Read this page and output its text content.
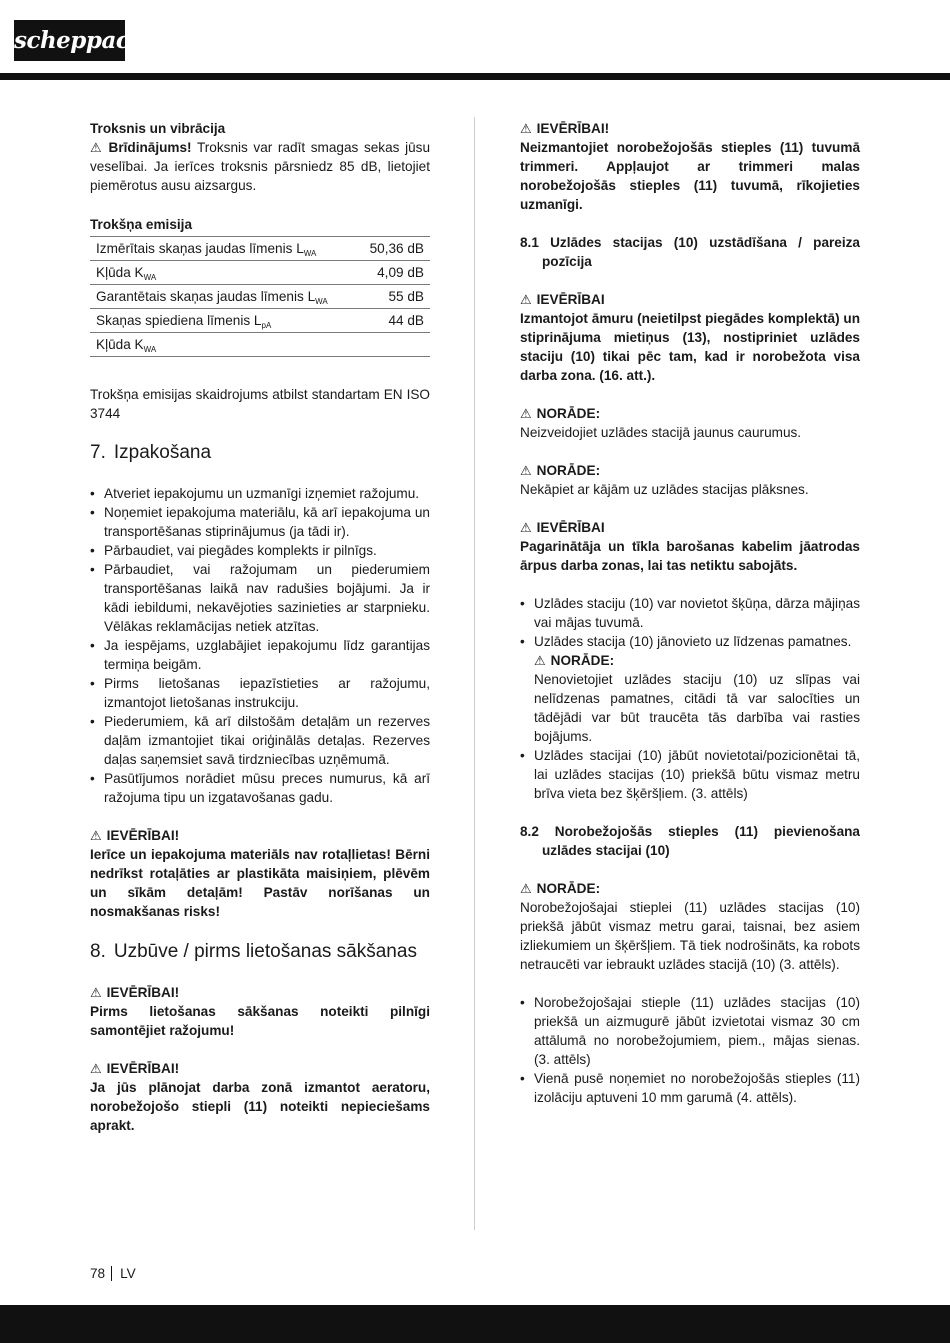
scheppach

Troksnis un vibrācija

⚠ Brīdinājums! Troksnis var radīt smagas sekas jūsu veselībai. Ja ierīces troksnis pārsniedz 85 dB, lietojiet piemērotus ausu aizsargus.

Trokšņa emisija

Izmērītais skaņas jaudas līmenis $L_{WA}$	50,36 dB
Kļūda $K_{WA}$	4,09 dB
Garantētais skaņas jaudas līmenis $L_{WA}$	55 dB
Skaņas spiediena līmenis $L_{pA}$	44 dB
Kļūda $K_{WA}$	

Trokšņa emisijas skaidrojums atbilst standartam EN ISO 3744

7. Izpakošana
• Atveriet iepakojumu un uzmanīgi izņemiet ražojumu.
• Noņemiet iepakojuma materiālu, kā arī iepakojuma un transportēšanas stiprinājumus (ja tādi ir).
• Pārbaudiet, vai piegādes komplekts ir pilnīgs.
• Pārbaudiet, vai ražojumam un piederumiem transportēšanas laikā nav radušies bojājumi. Ja ir kādi iebildumi, nekavējoties sazinieties ar starpnieku. Vēlākas reklamācijas netiek atzītas.
• Ja iespējams, uzglabājiet iepakojumu līdz garantijas termiņa beigām.
• Pirms lietošanas iepazīstieties ar ražojumu, izmantojot lietošanas instrukciju.
• Piederumiem, kā arī dilstošām detaļām un rezerves daļām izmantojiet tikai oriģinālās detaļas. Rezerves daļas saņemsiet savā tirdzniecības uzņēmumā.
• Pasūtījumos norādiet mūsu preces numurus, kā arī ražojuma tipu un izgatavošanas gadu.

⚠ IEVĒRĪBAI!

Ierīce un iepakojuma materiāls nav rotaļlietas! Bērni nedrīkst rotaļāties ar plastikāta maisiņiem, plēvēm un sīkām detaļām! Pastāv norīšanas un nosmakšanas risks!

8. Uzbūve / pirms lietošanas sākšanas

⚠ IEVĒRĪBAI!

Pirms lietošanas sākšanas noteikti pilnīgi samontējiet ražojumu!

⚠ IEVĒRĪBAI!

Ja jūs plānojat darba zonā izmantot aeratoru, norobežojošo stiepli (11) noteikti nepieciešams aprakt.

⚠ IEVĒRĪBAI!

Neizmantojiet norobežojošās stieples (11) tuvumā trimmeri. Appļaujot ar trimmeri malas norobežojošās stieples (11) tuvumā, rīkojieties uzmanīgi.

8.1 Uzlādes stacijas (10) uzstādīšana / pareiza pozīcija

⚠ IEVĒRĪBAI

Izmantojot āmuru (neietilpst piegādes komplektā) un stiprinājuma mietiņus (13), nostipriniet uzlādes staciju (10) tikai pēc tam, kad ir norobežota visa darba zona. (16. att.).

⚠ NORĀDE:

Neizveidojiet uzlādes stacijā jaunus caurumus.

⚠ NORĀDE:

Nekāpiet ar kājām uz uzlādes stacijas plāksnes.

⚠ IEVĒRĪBAI

Pagarinātāja un tīkla barošanas kabelim jāatrodas ārpus darba zonas, lai tas netiktu sabojāts.

• Uzlādes staciju (10) var novietot šķūņa, dārza mājiņas vai mājas tuvumā.
• Uzlādes stacija (10) jānovieto uz līdzenas pamatnes.

⚠ NORĀDE:

Nenovietojiet uzlādes staciju (10) uz slīpas vai nelīdzenas pamatnes, citādi tā var salocīties un tādējādi var būt traucēta tās darbība vai rasties bojājums.

• Uzlādes stacijai (10) jābūt novietotai/pozicionētai tā, lai uzlādes stacijas (10) priekšā būtu vismaz metru brīva vieta bez šķēršļiem. (3. attēls)

8.2 Norobežojošās stieples (11) pievienošana uzlādes stacijai (10)

⚠ NORĀDE:

Norobežojošajai stieplei (11) uzlādes stacijas (10) priekšā jābūt vismaz metru garai, taisnai, bez asiem izliekumiem un šķēršļiem. Tā tiek nodrošināts, ka robots netraucēti var iebraukt uzlādes stacijā (10) (3. attēls).

• Norobežojošajai stieple (11) uzlādes stacijas (10) priekšā un aizmugurē jābūt izvietotai vismaz 30 cm attālumā no norobežojumiem, piem., mājas sienas. (3. attēls)
• Vienā pusē noņemiet no norobežojošās stieples (11) izolāciju aptuveni 10 mm garumā (4. attēls).
78 LV
